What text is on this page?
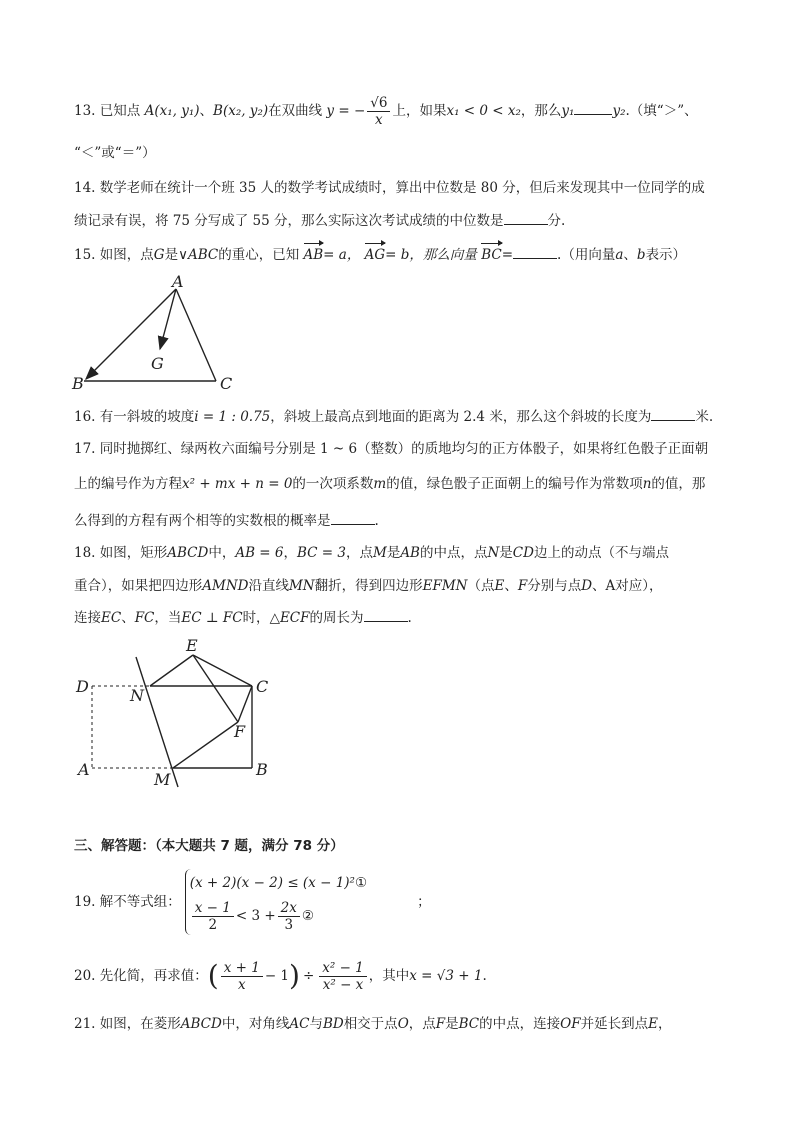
13. 已知点 A(x₁, y₁)、B(x₂, y₂)在双曲线 y = − $\frac{√6}{x}$ 上，如果x₁ < 0 < x₂，那么y₁	y₂.（填“＞”、
“＜”或“＝”）
14. 数学老师在统计一个班 35 人的数学考试成绩时，算出中位数是 80 分，但后来发现其中一位同学的成
绩记录有误，将 75 分写成了 55 分，那么实际这次考试成绩的中位数是	分.
15. 如图，点G是∨ABC的重心，已知 AB= a， AG= b，那么向量 BC=	.（用向量a、b表示）
A
B	C
G
16. 有一斜坡的坡度i = 1 : 0.75，斜坡上最高点到地面的距离为 2.4 米，那么这个斜坡的长度为	米.
17. 同时抛掷红、绿两枚六面编号分别是 1 ~ 6（整数）的质地均匀的正方体骰子，如果将红色骰子正面朝
上的编号作为方程x² + mx + n = 0的一次项系数m的值，绿色骰子正面朝上的编号作为常数项n的值，那
么得到的方程有两个相等的实数根的概率是	.
18. 如图，矩形ABCD中，AB = 6，BC = 3，点M是AB的中点，点N是CD边上的动点（不与端点
重合），如果把四边形AMND沿直线MN翻折，得到四边形EFMN（点E、F分别与点D、A对应），
连接EC、FC，当EC ⊥ FC时，△ECF的周长为	.
D	C
A	B
E
N
F
M
三、解答题：（本大题共 7 题，满分 78 分）
19. 解不等式组：
(x + 2)(x − 2) ≤ (x − 1)²①
$\frac{x - 1}{2} < 3 + \frac{2x}{3}$ ②
；
20. 先化简，再求值： ( $\frac{x + 1}{x} - 1$ ) ÷ $\frac{\text{x² − 1}}{\text{x² − x}}$ ，其中 x = √3 + 1 .
21. 如图，在菱形ABCD中，对角线AC与BD相交于点O，点F是BC的中点，连接OF并延长到点E，
